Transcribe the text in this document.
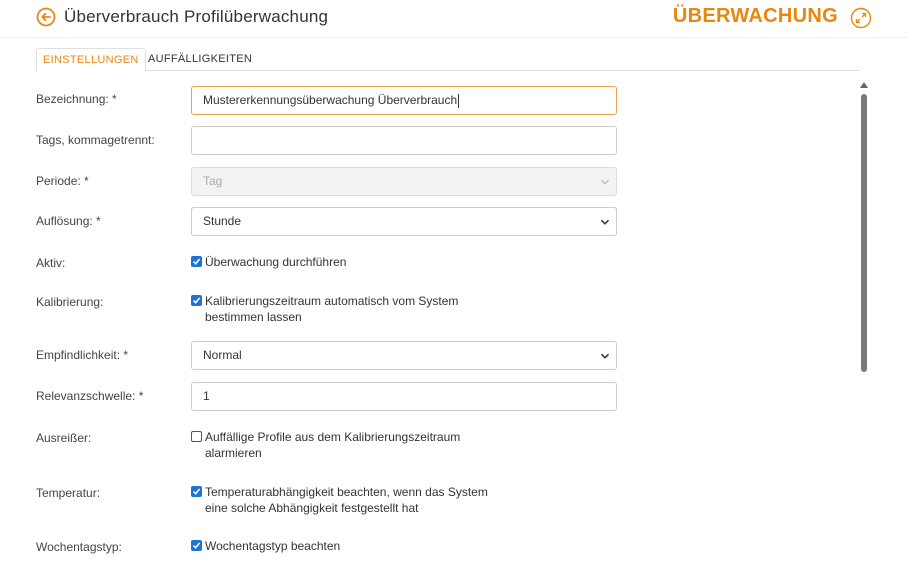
Überverbrauch Profilüberwachung	ÜBERWACHUNG
EINSTELLUNGEN AUFFÄLLIGKEITEN
Bezeichnung: *	Mustererkennungsüberwachung Überverbrauch
Tags, kommagetrennt:
Periode: *	Tag
Auflösung: *	Stunde
Aktiv:	Überwachung durchführen
Kalibrierung:	Kalibrierungszeitraum automatisch vom System
bestimmen lassen
Empfindlichkeit: *	Normal
Relevanzschwelle: *	1
Ausreißer:	Auffällige Profile aus dem Kalibrierungszeitraum
alarmieren
Temperatur:	Temperaturabhängigkeit beachten, wenn das System
eine solche Abhängigkeit festgestellt hat
Wochentagstyp:	Wochentagstyp beachten
